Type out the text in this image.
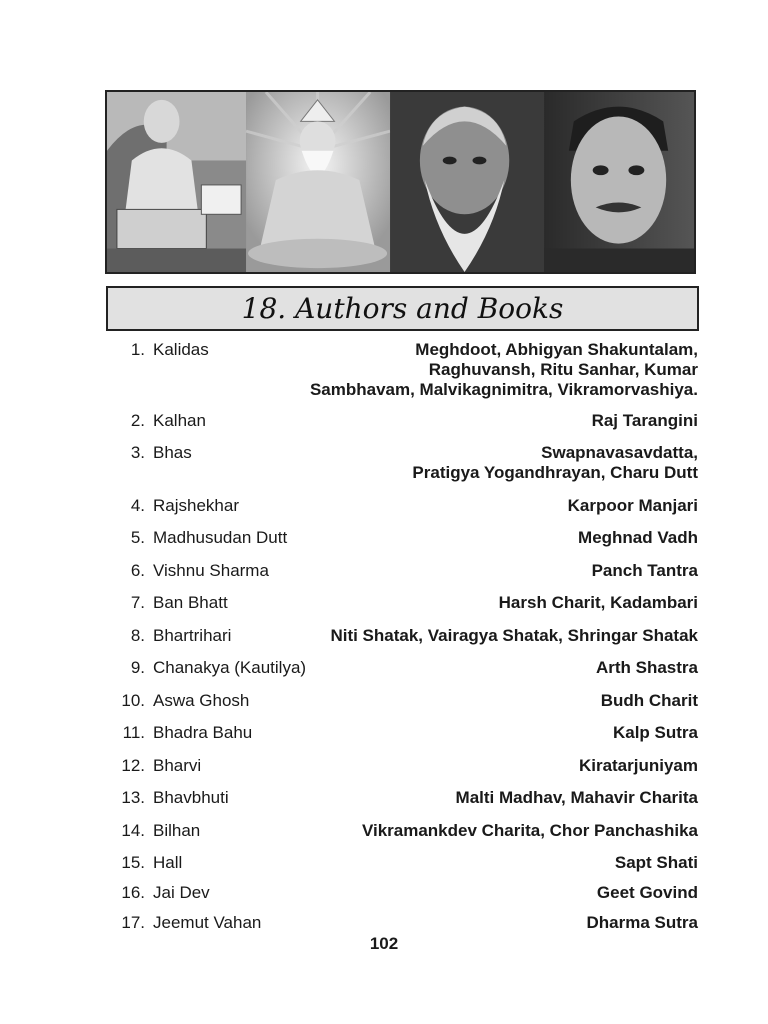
18. Authors and Books
1. Kalidas	Meghdoot, Abhigyan Shakuntalam,
Raghuvansh, Ritu Sanhar, Kumar
Sambhavam, Malvikagnimitra, Vikramorvashiya.
2. Kalhan	Raj Tarangini
3. Bhas	Swapnavasavdatta,
Pratigya Yogandhrayan, Charu Dutt
4. Rajshekhar	Karpoor Manjari
5. Madhusudan Dutt	Meghnad Vadh
6. Vishnu Sharma	Panch Tantra
7. Ban Bhatt	Harsh Charit, Kadambari
8. Bhartrihari	Niti Shatak, Vairagya Shatak, Shringar Shatak
9. Chanakya (Kautilya)	Arth Shastra
10. Aswa Ghosh	Budh Charit
11. Bhadra Bahu	Kalp Sutra
12. Bharvi	Kiratarjuniyam
13. Bhavbhuti	Malti Madhav, Mahavir Charita
14. Bilhan	Vikramankdev Charita, Chor Panchashika
15. Hall	Sapt Shati
16. Jai Dev	Geet Govind
17. Jeemut Vahan	Dharma Sutra
102
